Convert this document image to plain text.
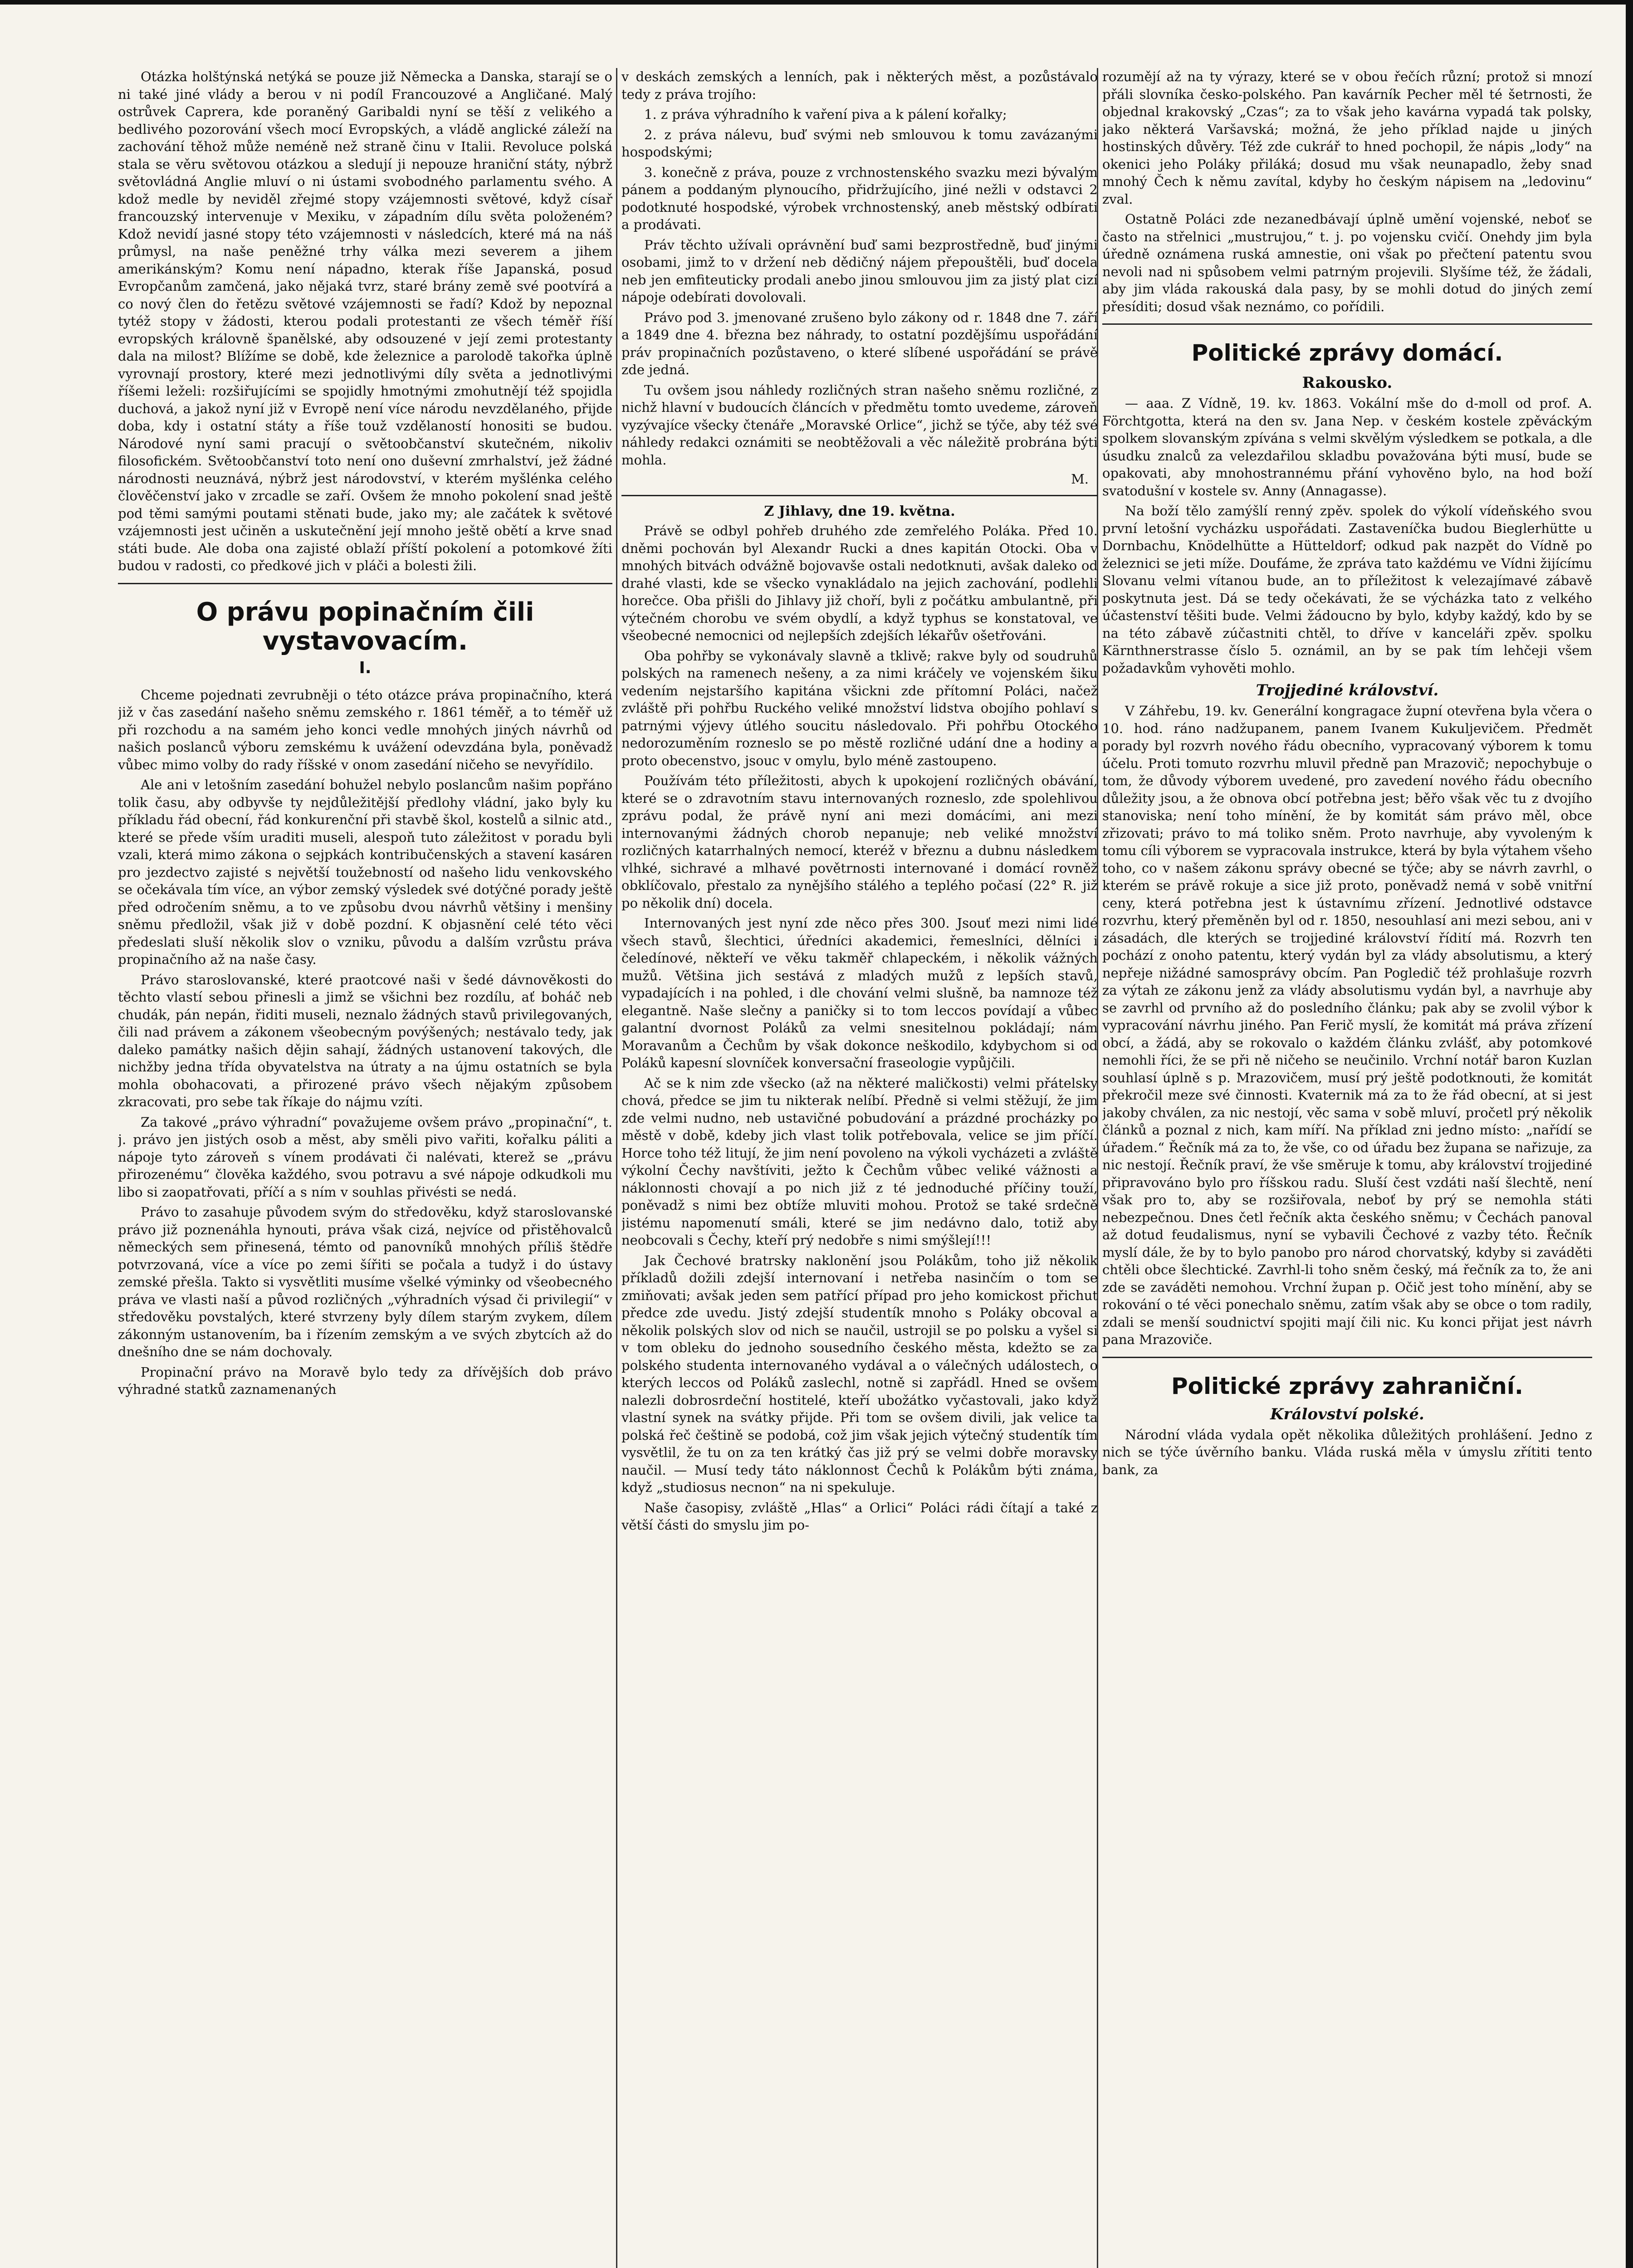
Otázka holštýnská netýká se pouze již Německa a Danska, starají se o ni také jiné vlády a berou v ni podíl Francouzové a Angličané. Malý ostrůvek Caprera, kde poraněný Garibaldi nyní se těší z velikého a bedlivého pozorování všech mocí Evropských, a vládě anglické záleží na zachování těhož může neméně než straně činu v Italii. Revoluce polská stala se věru světovou otázkou a sledují ji nepouze hraniční státy, nýbrž světovládná Anglie mluví o ni ústami svobodného parlamentu svého. A kdož medle by neviděl zřejmé stopy vzájemnosti světové, když císař francouzský intervenuje v Mexiku, v západním dílu světa položeném? Kdož nevidí jasné stopy této vzájemnosti v následcích, které má na náš průmysl, na naše peněžné trhy válka mezi severem a jihem amerikánským? Komu není nápadno, kterak říše Japanská, posud Evropčanům zamčená, jako nějaká tvrz, staré brány země své pootvírá a co nový člen do řetězu světové vzájemnosti se řadí? Kdož by nepoznal tytéž stopy v žádosti, kterou podali protestanti ze všech téměř říší evropských královně španělské, aby odsouzené v její zemi protestanty dala na milost? Blížíme se době, kde železnice a parolodě takořka úplně vyrovnají prostory, které mezi jednotlivými díly světa a jednotlivými říšemi leželi: rozšiřujícími se spojidly hmotnými zmohutnějí též spojidla duchová, a jakož nyní již v Evropě není více národu nevzdělaného, přijde doba, kdy i ostatní státy a říše touž vzdělaností honositi se budou. Národové nyní sami pracují o světoobčanství skutečném, nikoliv filosofickém. Světoobčanství toto není ono duševní zmrhalství, jež žádné národnosti neuznává, nýbrž jest národovství, v kterém myšlénka celého člověčenství jako v zrcadle se zaří. Ovšem že mnoho pokolení snad ještě pod těmi samými poutami stěnati bude, jako my; ale začátek k světové vzájemnosti jest učiněn a uskutečnění její mnoho ještě obětí a krve snad státi bude. Ale doba ona zajisté oblaží příští pokolení a potomkové žíti budou v radosti, co předkové jich v pláči a bolesti žili.

O právu popinačním čili vystavovacím.
I.

Chceme pojednati zevrubněji o této otázce práva propinačního, která již v čas zasedání našeho sněmu zemského r. 1861 téměř, a to téměř už při rozchodu a na samém jeho konci vedle mnohých jiných návrhů od našich poslanců výboru zemskému k uvážení odevzdána byla, poněvadž vůbec mimo volby do rady říšské v onom zasedání ničeho se nevyřídilo.

Ale ani v letošním zasedání bohužel nebylo poslancům našim popřáno tolik času, aby odbyvše ty nejdůležitější předlohy vládní, jako byly ku příkladu řád obecní, řád konkurenční při stavbě škol, kostelů a silnic atd., které se přede vším uraditi museli, alespoň tuto záležitost v poradu byli vzali, která mimo zákona o sejpkách kontribučenských a stavení kasáren pro jezdectvo zajisté s největší toužebností od našeho lidu venkovského se očekávala tím více, an výbor zemský výsledek své dotýčné porady ještě před odročením sněmu, a to ve způsobu dvou návrhů většiny i menšiny sněmu předložil, však již v době pozdní. K objasnění celé této věci předeslati sluší několik slov o vzniku, původu a dalším vzrůstu práva propinačního až na naše časy.

Právo staroslovanské, které praotcové naši v šedé dávnověkosti do těchto vlastí sebou přinesli a jimž se všichni bez rozdílu, ať boháč neb chudák, pán nepán, řiditi museli, neznalo žádných stavů privilegovaných, čili nad právem a zákonem všeobecným povýšených; nestávalo tedy, jak daleko památky našich dějin sahají, žádných ustanovení takových, dle nichžby jedna třída obyvatelstva na útraty a na újmu ostatních se byla mohla obohacovati, a přirozené právo všech nějakým způsobem zkracovati, pro sebe tak říkaje do nájmu vzíti.

Za takové „právo výhradní“ považujeme ovšem právo „propinační“, t. j. právo jen jistých osob a měst, aby směli pivo vařiti, kořalku páliti a nápoje tyto zároveň s vínem prodávati či nalévati, kterež se „právu přirozenému“ člověka každého, svou potravu a své nápoje odkudkoli mu libo si zaopatřovati, příčí a s ním v souhlas přivésti se nedá.

Právo to zasahuje původem svým do středověku, když staroslovanské právo již poznenáhla hynouti, práva však cizá, nejvíce od přistěhovalců německých sem přinesená, témto od panovníků mnohých příliš štědře potvrzovaná, více a více po zemi šířiti se počala a tudyž i do ústavy zemské přešla. Takto si vysvětliti musíme všelké výminky od všeobecného práva ve vlasti naší a původ rozličných „výhradních výsad či privilegií“ v středověku povstalých, které stvrzeny byly dílem starým zvykem, dílem zákonným ustanovením, ba i řízením zemským a ve svých zbytcích až do dnešního dne se nám dochovaly.

Propinační právo na Moravě bylo tedy za dřívějších dob právo výhradné statků zaznamenaných

v deskách zemských a lenních, pak i některých měst, a pozůstávalo tedy z práva trojího:

1. z práva výhradního k vaření piva a k pálení kořalky;

2. z práva nálevu, buď svými neb smlouvou k tomu zavázanými hospodskými;

3. konečně z práva, pouze z vrchnostenského svazku mezi bývalým pánem a poddaným plynoucího, přidržujícího, jiné nežli v odstavci 2 podotknuté hospodské, výrobek vrchnostenský, aneb městský odbírati a prodávati.

Práv těchto užívali oprávnění buď sami bezprostředně, buď jinými osobami, jimž to v držení neb dědičný nájem přepouštěli, buď docela neb jen emfiteuticky prodali anebo jinou smlouvou jim za jistý plat cizí nápoje odebírati dovolovali.

Právo pod 3. jmenované zrušeno bylo zákony od r. 1848 dne 7. září a 1849 dne 4. března bez náhrady, to ostatní pozdějšímu uspořádání práv propinačních pozůstaveno, o které slíbené uspořádání se právě zde jedná.

Tu ovšem jsou náhledy rozličných stran našeho sněmu rozličné, z nichž hlavní v budoucích článcích v předmětu tomto uvedeme, zároveň vyzývajíce všecky čtenáře „Moravské Orlice“, jichž se týče, aby též své náhledy redakci oznámiti se neobtěžovali a věc náležitě probrána býti mohla.

M.
Z Jihlavy, dne 19. května.

Právě se odbyl pohřeb druhého zde zemřelého Poláka. Před 10. dněmi pochován byl Alexandr Rucki a dnes kapitán Otocki. Oba v mnohých bitvách odvážně bojovavše ostali nedotknuti, avšak daleko od drahé vlasti, kde se všecko vynakládalo na jejich zachování, podlehli horečce. Oba přišli do Jihlavy již choří, byli z počátku ambulantně, při výtečném chorobu ve svém obydlí, a když typhus se konstatoval, ve všeobecné nemocnici od nejlepších zdejších lékařův ošetřováni.

Oba pohřby se vykonávaly slavně a tklivě; rakve byly od soudruhů polských na ramenech nešeny, a za nimi kráčely ve vojenském šiku vedením nejstaršího kapitána všickni zde přítomní Poláci, načež zvláště při pohřbu Ruckého veliké množství lidstva obojího pohlaví s patrnými výjevy útlého soucitu následovalo. Při pohřbu Otockého nedorozuměním rozneslo se po městě rozličné udání dne a hodiny a proto obecenstvo, jsouc v omylu, bylo méně zastoupeno.

Používám této příležitosti, abych k upokojení rozličných obávání, které se o zdravotním stavu internovaných rozneslo, zde spolehlivou zprávu podal, že právě nyní ani mezi domácími, ani mezi internovanými žádných chorob nepanuje; neb veliké množství rozličných katarrhalných nemocí, kteréž v březnu a dubnu následkem vlhké, sichravé a mlhavé povětrnosti internované i domácí rovněž obklíčovalo, přestalo za nynějšího stálého a teplého počasí (22° R. již po několik dní) docela.

Internovaných jest nyní zde něco přes 300. Jsouť mezi nimi lidé všech stavů, šlechtici, úředníci akademici, řemeslníci, dělníci i čeledínové, někteří ve věku takměř chlapeckém, i několik vážných mužů. Většina jich sestává z mladých mužů z lepších stavů, vypadajících i na pohled, i dle chování velmi slušně, ba namnoze též elegantně. Naše slečny a paničky si to tom leccos povídají a vůbec galantní dvornost Poláků za velmi snesitelnou pokládají; nám Moravanům a Čechům by však dokonce neškodilo, kdybychom si od Poláků kapesní slovníček konversační fraseologie vypůjčili.

Ač se k nim zde všecko (až na některé maličkosti) velmi přátelsky chová, předce se jim tu nikterak nelíbí. Předně si velmi stěžují, že jim zde velmi nudno, neb ustavičné pobudování a prázdné procházky po městě v době, kdeby jich vlast tolik potřebovala, velice se jim příčí. Horce toho též litují, že jim není povoleno na výkoli vycházeti a zvláště výkolní Čechy navštíviti, ježto k Čechům vůbec veliké vážnosti a náklonnosti chovají a po nich již z té jednoduché příčiny touží, poněvadž s nimi bez obtíže mluviti mohou. Protož se také srdečně jistému napomenutí smáli, které se jim nedávno dalo, totiž aby neobcovali s Čechy, kteří prý nedobře s nimi smýšlejí!!!

Jak Čechové bratrsky naklonění jsou Polákům, toho již několik příkladů dožili zdejší internovaní i netřeba nasinčím o tom se zmiňovati; avšak jeden sem patřící případ pro jeho komickost přichut předce zde uvedu. Jistý zdejší studentík mnoho s Poláky obcoval a několik polských slov od nich se naučil, ustrojil se po polsku a vyšel si v tom obleku do jednoho sousedního českého města, kdežto se za polského studenta internovaného vydával a o válečných událostech, o kterých leccos od Poláků zaslechl, notně si zapřádl. Hned se ovšem nalezli dobrosrdeční hostitelé, kteří ubožátko vyčastovali, jako když vlastní synek na svátky přijde. Při tom se ovšem divili, jak velice ta polská řeč češtině se podobá, což jim však jejich výtečný studentík tím vysvětlil, že tu on za ten krátký čas již prý se velmi dobře moravsky naučil. — Musí tedy táto náklonnost Čechů k Polákům býti známa, když „studiosus necnon“ na ni spekuluje.

Naše časopisy, zvláště „Hlas“ a Orlici“ Poláci rádi čítají a také z větší části do smyslu jim po-

rozumějí až na ty výrazy, které se v obou řečích různí; protož si mnozí přáli slovníka česko-polského. Pan kavárník Pecher měl té šetrnosti, že objednal krakovský „Czas“; za to však jeho kavárna vypadá tak polsky, jako některá Varšavská; možná, že jeho příklad najde u jiných hostinských důvěry. Též zde cukrář to hned pochopil, že nápis „lody“ na okenici jeho Poláky přiláká; dosud mu však neunapadlo, žeby snad mnohý Čech k němu zavítal, kdyby ho českým nápisem na „ledovinu“ zval.

Ostatně Poláci zde nezanedbávají úplně umění vojenské, neboť se často na střelnici „mustrujou,“ t. j. po vojensku cvičí. Onehdy jim byla úředně oznámena ruská amnestie, oni však po přečtení patentu svou nevoli nad ni spůsobem velmi patrným projevili. Slyšíme též, že žádali, aby jim vláda rakouská dala pasy, by se mohli dotud do jiných zemí přesíditi; dosud však neznámo, co pořídili.

Politické zprávy domácí.
Rakousko.

— aaa. Z Vídně, 19. kv. 1863. Vokální mše do d-moll od prof. A. Förchtgotta, která na den sv. Jana Nep. v českém kostele zpěváckým spolkem slovanským zpívána s velmi skvělým výsledkem se potkala, a dle úsudku znalců za velezdařilou skladbu považována býti musí, bude se opakovati, aby mnohostrannému přání vyhověno bylo, na hod boží svatodušní v kostele sv. Anny (Annagasse).

Na boží tělo zamýšlí renný zpěv. spolek do výkolí vídeňského svou první letošní vycházku uspořádati. Zastaveníčka budou Bieglerhütte u Dornbachu, Knödelhütte a Hütteldorf; odkud pak nazpět do Vídně po železnici se jeti míže. Doufáme, že zpráva tato každému ve Vídni žijícímu Slovanu velmi vítanou bude, an to příležitost k velezajímavé zábavě poskytnuta jest. Dá se tedy očekávati, že se výcházka tato z velkého účastenství těšiti bude. Velmi žádoucno by bylo, kdyby každý, kdo by se na této zábavě zúčastniti chtěl, to dříve v kanceláři zpěv. spolku Kärnthnerstrasse číslo 5. oznámil, an by se pak tím lehčeji všem požadavkům vyhověti mohlo.

Trojjediné království.

V Záhřebu, 19. kv. Generální kongragace župní otevřena byla včera o 10. hod. ráno nadžupanem, panem Ivanem Kukuljevičem. Předmět porady byl rozvrh nového řádu obecního, vypracovaný výborem k tomu účelu. Proti tomuto rozvrhu mluvil předně pan Mrazovič; nepochybuje o tom, že důvody výborem uvedené, pro zavedení nového řádu obecního důležity jsou, a že obnova obcí potřebna jest; běřo však věc tu z dvojího stanoviska; není toho mínění, že by komitát sám právo měl, obce zřizovati; právo to má toliko sněm. Proto navrhuje, aby vyvoleným k tomu cíli výborem se vypracovala instrukce, která by byla výtahem všeho toho, co v našem zákonu správy obecné se týče; aby se návrh zavrhl, o kterém se právě rokuje a sice již proto, poněvadž nemá v sobě vnitřní ceny, která potřebna jest k ústavnímu zřízení. Jednotlivé odstavce rozvrhu, který přeměněn byl od r. 1850, nesouhlasí ani mezi sebou, ani v zásadách, dle kterých se trojjediné království řídití má. Rozvrh ten pochází z onoho patentu, který vydán byl za vlády absolutismu, a který nepřeje nižádné samosprávy obcím. Pan Pogledič též prohlašuje rozvrh za výtah ze zákonu jenž za vlády absolutismu vydán byl, a navrhuje aby se zavrhl od prvního až do posledního článku; pak aby se zvolil výbor k vypracování návrhu jiného. Pan Ferič myslí, že komitát má práva zřízení obcí, a žádá, aby se rokovalo o každém článku zvlášť, aby potomkové nemohli říci, že se při ně ničeho se neučinilo. Vrchní notář baron Kuzlan souhlasí úplně s p. Mrazovičem, musí prý ještě podotknouti, že komitát překročil meze své činnosti. Kvaternik má za to že řád obecní, at si jest jakoby chválen, za nic nestojí, věc sama v sobě mluví, pročetl prý několik článků a poznal z nich, kam míří. Na příklad zni jedno místo: „nařídí se úřadem.“ Řečník má za to, že vše, co od úřadu bez župana se nařizuje, za nic nestojí. Řečník praví, že vše směruje k tomu, aby království trojjediné připravováno bylo pro říšskou radu. Sluší čest vzdáti naší šlechtě, není však pro to, aby se rozšiřovala, neboť by prý se nemohla státi nebezpečnou. Dnes četl řečník akta českého sněmu; v Čechách panoval až dotud feudalismus, nyní se vybavili Čechové z vazby této. Řečník myslí dále, že by to bylo panobo pro národ chorvatský, kdyby si zaváděti chtěli obce šlechtické. Zavrhl-li toho sněm český, má řečník za to, že ani zde se zaváděti nemohou. Vrchní župan p. Očič jest toho mínění, aby se rokování o té věci ponechalo sněmu, zatím však aby se obce o tom radily, zdali se menší soudnictví spojiti mají čili nic. Ku konci přijat jest návrh pana Mrazoviče.

Politické zprávy zahraniční.
Království polské.

Národní vláda vydala opět několika důležitých prohlášení. Jedno z nich se týče úvěrního banku. Vláda ruská měla v úmyslu zřítiti tento bank, za
